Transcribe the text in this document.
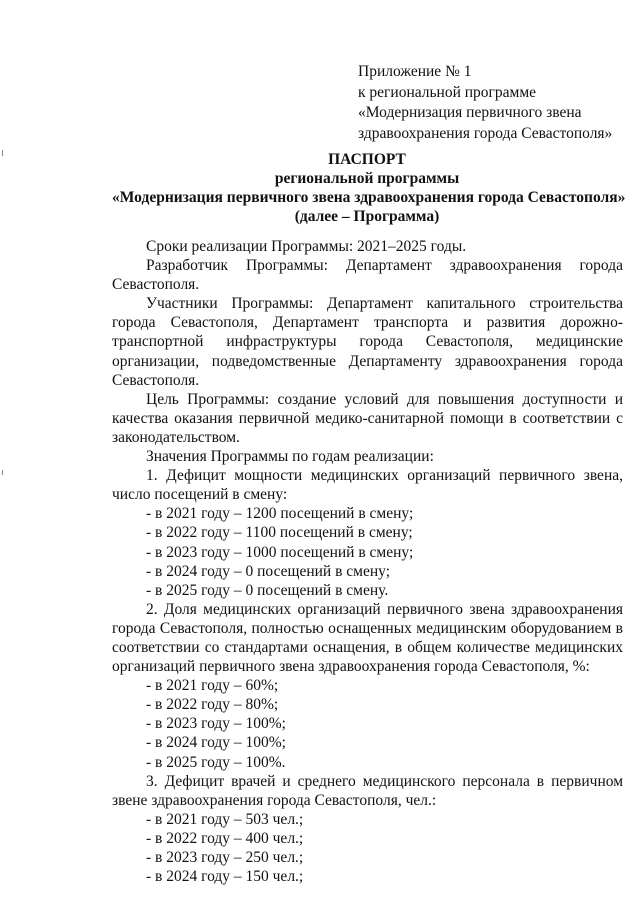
Приложение № 1
к региональной программе
«Модернизация первичного звена
здравоохранения города Севастополя»
ПАСПОРТ
региональной программы
«Модернизация первичного звена здравоохранения города Севастополя»
(далее – Программа)

Сроки реализации Программы: 2021–2025 годы.

Разработчик Программы: Департамент здравоохранения города Севастополя.

Участники Программы: Департамент капитального строительства города Севастополя, Департамент транспорта и развития дорожно-транспортной инфраструктуры города Севастополя, медицинские организации, подведомственные Департаменту здравоохранения города Севастополя.

Цель Программы: создание условий для повышения доступности и качества оказания первичной медико-санитарной помощи в соответствии с законодательством.

Значения Программы по годам реализации:

1. Дефицит мощности медицинских организаций первичного звена, число посещений в смену:

- в 2021 году – 1200 посещений в смену;
- в 2022 году – 1100 посещений в смену;
- в 2023 году – 1000 посещений в смену;
- в 2024 году – 0 посещений в смену;
- в 2025 году – 0 посещений в смену.

2. Доля медицинских организаций первичного звена здравоохранения города Севастополя, полностью оснащенных медицинским оборудованием в соответствии со стандартами оснащения, в общем количестве медицинских организаций первичного звена здравоохранения города Севастополя, %:

- в 2021 году – 60%;
- в 2022 году – 80%;
- в 2023 году – 100%;
- в 2024 году – 100%;
- в 2025 году – 100%.

3. Дефицит врачей и среднего медицинского персонала в первичном звене здравоохранения города Севастополя, чел.:

- в 2021 году – 503 чел.;
- в 2022 году – 400 чел.;
- в 2023 году – 250 чел.;
- в 2024 году – 150 чел.;
